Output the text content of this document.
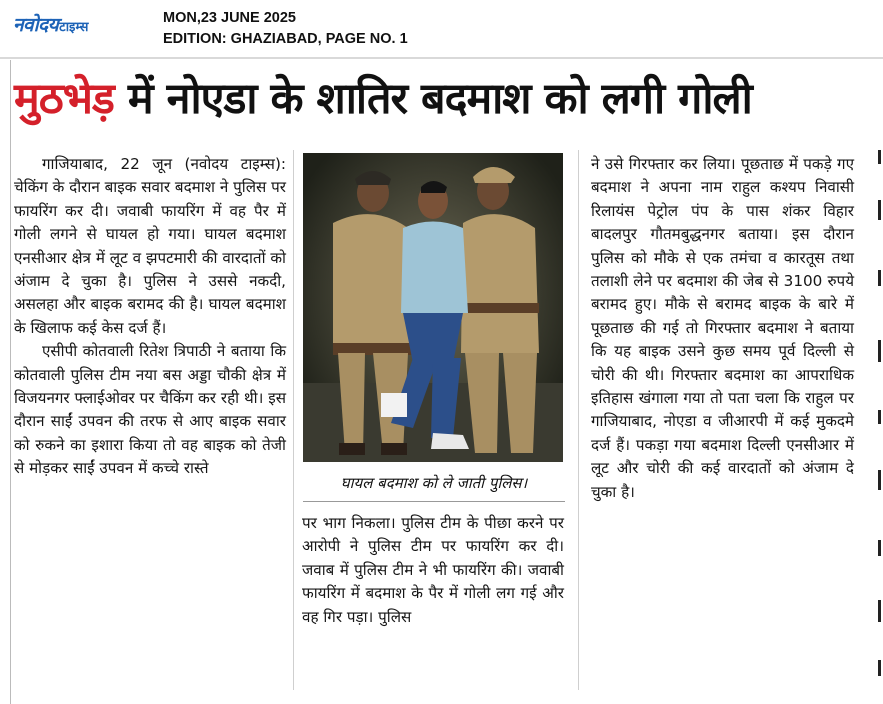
नवोदय टाइम्स
MON,23 JUNE 2025
EDITION: GHAZIABAD, PAGE NO. 1
मुठभेड़ में नोएडा के शातिर बदमाश को लगी गोली

गाजियाबाद, 22 जून (नवोदय टाइम्स): चेकिंग के दौरान बाइक सवार बदमाश ने पुलिस पर फायरिंग कर दी। जवाबी फायरिंग में वह पैर में गोली लगने से घायल हो गया। घायल बदमाश एनसीआर क्षेत्र में लूट व झपटमारी की वारदातों को अंजाम दे चुका है। पुलिस ने उससे नकदी, असलहा और बाइक बरामद की है। घायल बदमाश के खिलाफ कई केस दर्ज हैं।

एसीपी कोतवाली रितेश त्रिपाठी ने बताया कि कोतवाली पुलिस टीम नया बस अड्डा चौकी क्षेत्र में विजयनगर फ्लाईओवर पर चैकिंग कर रही थी। इस दौरान साईं उपवन की तरफ से आए बाइक सवार को रुकने का इशारा किया तो वह बाइक को तेजी से मोड़कर साईं उपवन में कच्चे रास्ते

घायल बदमाश को ले जाती पुलिस।

पर भाग निकला। पुलिस टीम के पीछा करने पर आरोपी ने पुलिस टीम पर फायरिंग कर दी। जवाब में पुलिस टीम ने भी फायरिंग की। जवाबी फायरिंग में बदमाश के पैर में गोली लग गई और वह गिर पड़ा। पुलिस

ने उसे गिरफ्तार कर लिया। पूछताछ में पकड़े गए बदमाश ने अपना नाम राहुल कश्यप निवासी रिलायंस पेट्रोल पंप के पास शंकर विहार बादलपुर गौतमबुद्धनगर बताया। इस दौरान पुलिस को मौके से एक तमंचा व कारतूस तथा तलाशी लेने पर बदमाश की जेब से 3100 रुपये बरामद हुए। मौके से बरामद बाइक के बारे में पूछताछ की गई तो गिरफ्तार बदमाश ने बताया कि यह बाइक उसने कुछ समय पूर्व दिल्ली से चोरी की थी। गिरफ्तार बदमाश का आपराधिक इतिहास खंगाला गया तो पता चला कि राहुल पर गाजियाबाद, नोएडा व जीआरपी में कई मुकदमे दर्ज हैं। पकड़ा गया बदमाश दिल्ली एनसीआर में लूट और चोरी की कई वारदातों को अंजाम दे चुका है।
